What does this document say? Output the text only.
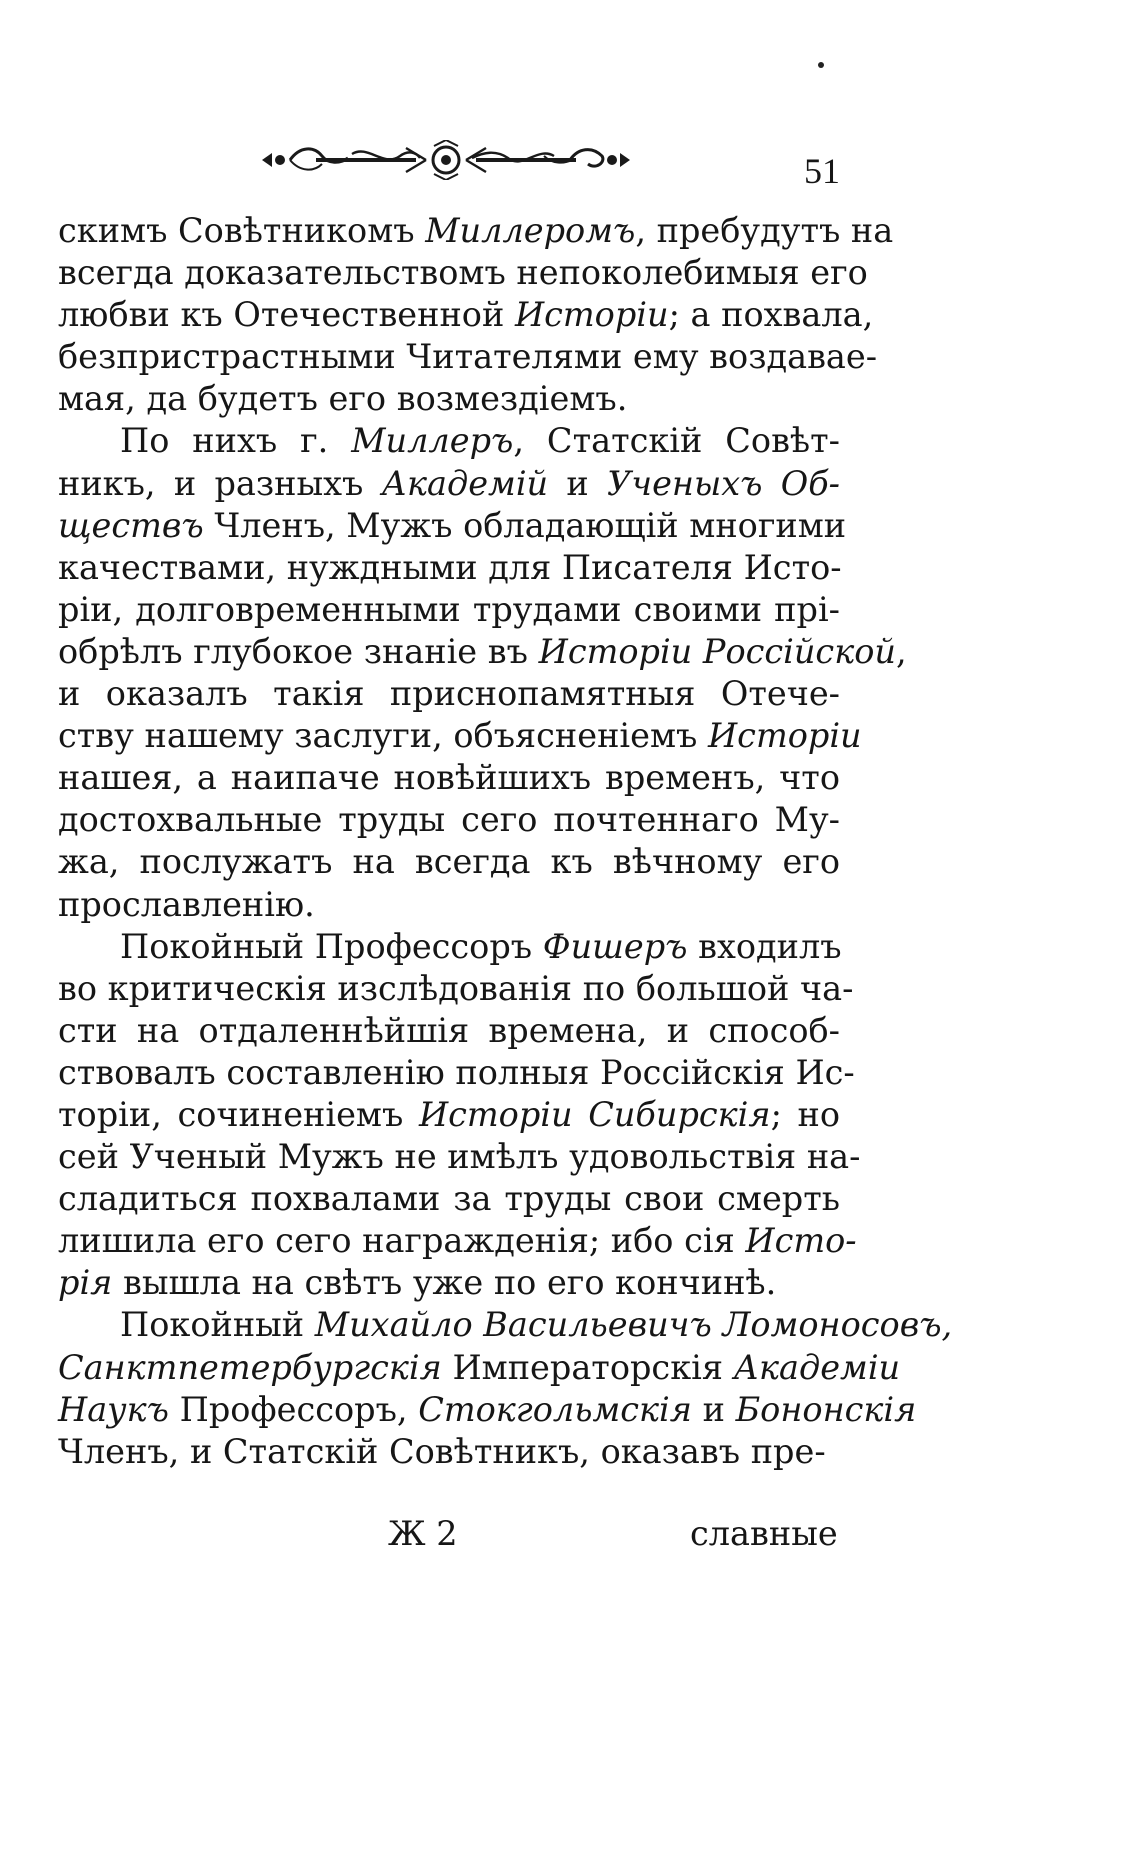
51
скимъ Совѣтникомъ Миллеромъ, пребудутъ на
всегда доказательствомъ непоколебимыя его
любви къ Отечественной Исторіи; а похвала,
безпристрастными Читателями ему воздавае-
мая, да будетъ его возмездіемъ.
По нихъ г. Миллеръ, Статскій Совѣт-
никъ, и разныхъ Академій и Ученыхъ Об-
ществъ Членъ, Мужъ обладающій многими
качествами, нуждными для Писателя Исто-
ріи, долговременными трудами своими прі-
обрѣлъ глубокое знаніе въ Исторіи Россійской,
и оказалъ такія приснопамятныя Отече-
ству нашему заслуги, объясненіемъ Исторіи
нашея, а наипаче новѣйшихъ временъ, что
достохвальные труды сего почтеннаго Му-
жа, послужатъ на всегда къ вѣчному его
прославленію.
Покойный Профессоръ Фишеръ входилъ
во критическія изслѣдованія по большой ча-
сти на отдаленнѣйшія времена, и способ-
ствовалъ составленію полныя Россійскія Ис-
торіи, сочиненіемъ Исторіи Сибирскія; но
сей Ученый Мужъ не имѣлъ удовольствія на-
сладиться похвалами за труды свои смерть
лишила его сего награжденія; ибо сія Исто-
рія вышла на свѣтъ уже по его кончинѣ.
Покойный Михайло Васильевичъ Ломоносовъ,
Санктпетербургскія Императорскія Академіи
Наукъ Профессоръ, Стокгольмскія и Бононскія
Членъ, и Статскій Совѣтникъ, оказавъ пре-
Ж 2	славные
